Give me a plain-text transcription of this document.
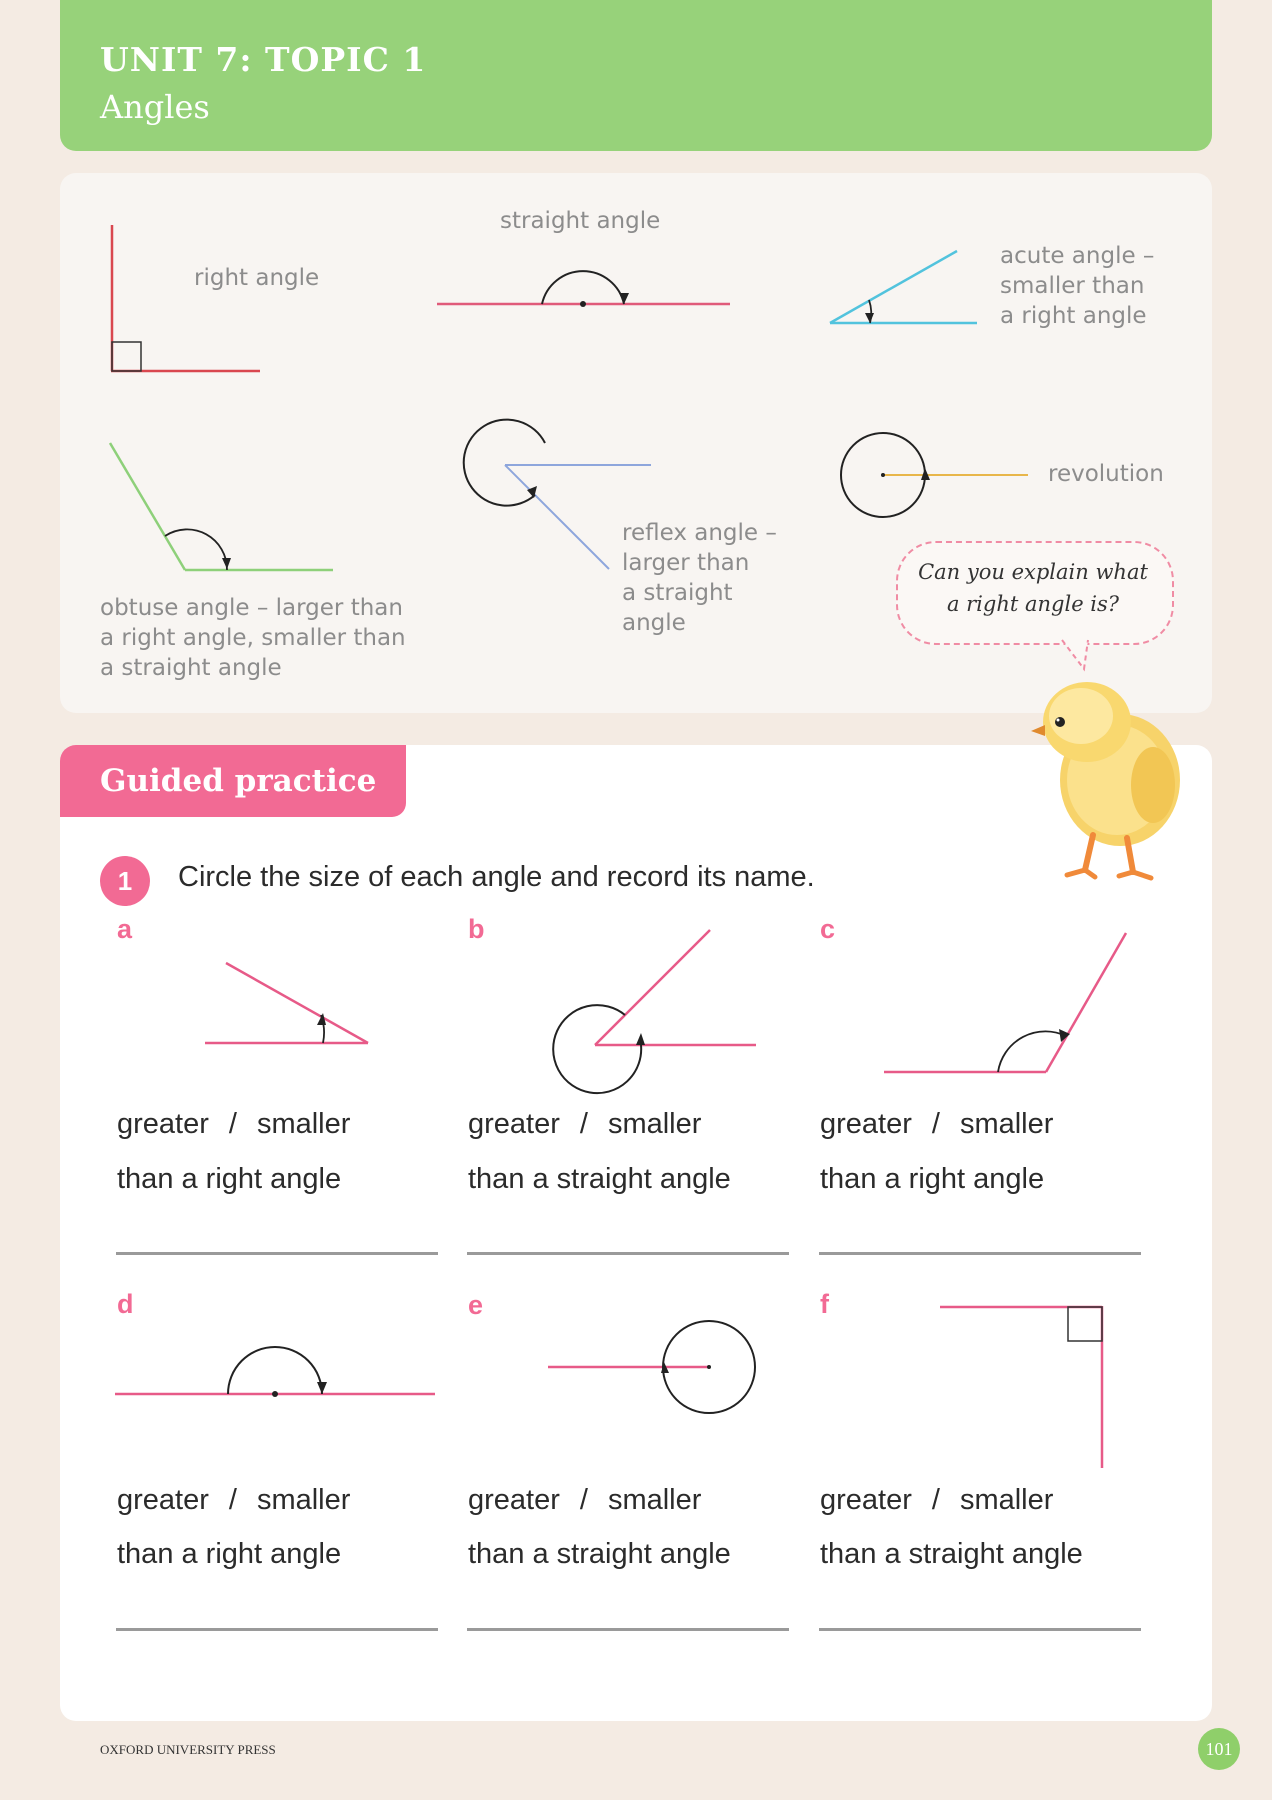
UNIT 7: TOPIC 1
Angles
right angle
straight angle
acute angle –
smaller than
a right angle
obtuse angle – larger than
a right angle, smaller than
a straight angle
reflex angle –
larger than
a straight
angle
revolution
Can you explain what
a right angle is?
Guided practice
1	Circle the size of each angle and record its name.
a
greater / smaller
than a right angle
b
greater / smaller
than a straight angle
c
greater / smaller
than a right angle
d
greater / smaller
than a right angle
e
greater / smaller
than a straight angle
f
greater / smaller
than a straight angle
OXFORD UNIVERSITY PRESS	101
